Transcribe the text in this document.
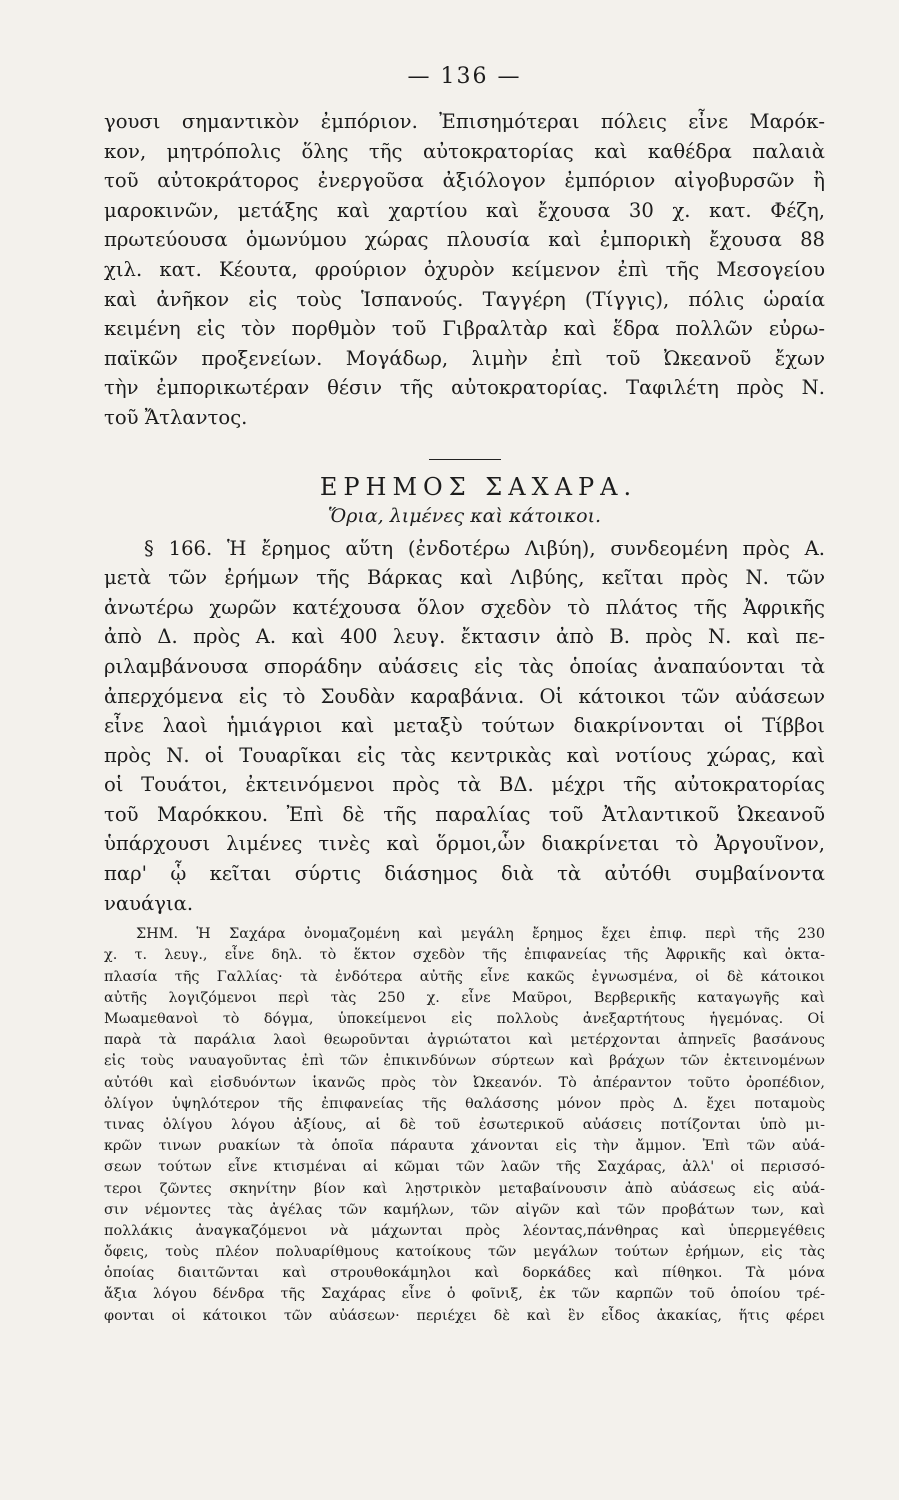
— 136 —
γουσι σημαντικὸν ἐμπόριον. Ἐπισημότεραι πόλεις εἶνε Μαρόκ-
κον, μητρόπολις ὅλης τῆς αὐτοκρατορίας καὶ καθέδρα παλαιὰ
τοῦ αὐτοκράτορος ἐνεργοῦσα ἀξιόλογον ἐμπόριον αἰγοβυρσῶν ἢ
μαροκινῶν, μετάξης καὶ χαρτίου καὶ ἔχουσα 30 χ. κατ. Φέζη,
πρωτεύουσα ὁμωνύμου χώρας πλουσία καὶ ἐμπορικὴ ἔχουσα 88
χιλ. κατ. Κέουτα, φρούριον ὀχυρὸν κείμενον ἐπὶ τῆς Μεσογείου
καὶ ἀνῆκον εἰς τοὺς Ἱσπανούς. Ταγγέρη (Τίγγις), πόλις ὡραία
κειμένη εἰς τὸν πορθμὸν τοῦ Γιβραλτὰρ καὶ ἕδρα πολλῶν εὐρω-
παϊκῶν προξενείων. Μογάδωρ, λιμὴν ἐπὶ τοῦ Ὠκεανοῦ ἔχων
τὴν ἐμπορικωτέραν θέσιν τῆς αὐτοκρατορίας. Ταφιλέτη πρὸς Ν.
τοῦ Ἄτλαντος.
ΕΡΗΜΟΣ ΣΑΧΑΡΑ.
Ὅρια, λιμένες καὶ κάτοικοι.
§ 166. Ἡ ἔρημος αὕτη (ἐνδοτέρω Λιβύη), συνδεομένη πρὸς Α.
μετὰ τῶν ἐρήμων τῆς Βάρκας καὶ Λιβύης, κεῖται πρὸς Ν. τῶν
ἀνωτέρω χωρῶν κατέχουσα ὅλον σχεδὸν τὸ πλάτος τῆς Ἀφρικῆς
ἀπὸ Δ. πρὸς Α. καὶ 400 λευγ. ἔκτασιν ἀπὸ Β. πρὸς Ν. καὶ πε-
ριλαμβάνουσα σποράδην αὐάσεις εἰς τὰς ὁποίας ἀναπαύονται τὰ
ἀπερχόμενα εἰς τὸ Σουδὰν καραβάνια. Οἱ κάτοικοι τῶν αὐάσεων
εἶνε λαοὶ ἡμιάγριοι καὶ μεταξὺ τούτων διακρίνονται οἱ Τίββοι
πρὸς Ν. οἱ Τουαρῖκαι εἰς τὰς κεντρικὰς καὶ νοτίους χώρας, καὶ
οἱ Τουάτοι, ἐκτεινόμενοι πρὸς τὰ ΒΔ. μέχρι τῆς αὐτοκρατορίας
τοῦ Μαρόκκου. Ἐπὶ δὲ τῆς παραλίας τοῦ Ἀτλαντικοῦ Ὠκεανοῦ
ὑπάρχουσι λιμένες τινὲς καὶ ὅρμοι,ὧν διακρίνεται τὸ Ἀργουῖνον,
παρ' ᾧ κεῖται σύρτις διάσημος διὰ τὰ αὐτόθι συμβαίνοντα
ναυάγια.
ΣΗΜ. Ἡ Σαχάρα ὀνομαζομένη καὶ μεγάλη ἔρημος ἔχει ἐπιφ. περὶ τῆς 230
χ. τ. λευγ., εἶνε δηλ. τὸ ἕκτον σχεδὸν τῆς ἐπιφανείας τῆς Ἀφρικῆς καὶ ὀκτα-
πλασία τῆς Γαλλίας· τὰ ἐνδότερα αὐτῆς εἶνε κακῶς ἐγνωσμένα, οἱ δὲ κάτοικοι
αὐτῆς λογιζόμενοι περὶ τὰς 250 χ. εἶνε Μαῦροι, Βερβερικῆς καταγωγῆς καὶ
Μωαμεθανοὶ τὸ δόγμα, ὑποκείμενοι εἰς πολλοὺς ἀνεξαρτήτους ἡγεμόνας. Οἱ
παρὰ τὰ παράλια λαοὶ θεωροῦνται ἀγριώτατοι καὶ μετέρχονται ἀπηνεῖς βασάνους
εἰς τοὺς ναυαγοῦντας ἐπὶ τῶν ἐπικινδύνων σύρτεων καὶ βράχων τῶν ἐκτεινομένων
αὐτόθι καὶ εἰσδυόντων ἱκανῶς πρὸς τὸν Ὠκεανόν. Τὸ ἀπέραντον τοῦτο ὀροπέδιον,
ὀλίγον ὑψηλότερον τῆς ἐπιφανείας τῆς θαλάσσης μόνον πρὸς Δ. ἔχει ποταμοὺς
τινας ὀλίγου λόγου ἀξίους, αἱ δὲ τοῦ ἐσωτερικοῦ αὐάσεις ποτίζονται ὑπὸ μι-
κρῶν τινων ρυακίων τὰ ὁποῖα πάραυτα χάνονται εἰς τὴν ἄμμον. Ἐπὶ τῶν αὐά-
σεων τούτων εἶνε κτισμέναι αἱ κῶμαι τῶν λαῶν τῆς Σαχάρας, ἀλλ' οἱ περισσό-
τεροι ζῶντες σκηνίτην βίον καὶ λῃστρικὸν μεταβαίνουσιν ἀπὸ αὐάσεως εἰς αὐά-
σιν νέμοντες τὰς ἀγέλας τῶν καμήλων, τῶν αἰγῶν καὶ τῶν προβάτων των, καὶ
πολλάκις ἀναγκαζόμενοι νὰ μάχωνται πρὸς λέοντας,πάνθηρας καὶ ὑπερμεγέθεις
ὄφεις, τοὺς πλέον πολυαρίθμους κατοίκους τῶν μεγάλων τούτων ἐρήμων, εἰς τὰς
ὁποίας διαιτῶνται καὶ στρουθοκάμηλοι καὶ δορκάδες καὶ πίθηκοι. Τὰ μόνα
ἄξια λόγου δένδρα τῆς Σαχάρας εἶνε ὁ φοῖνιξ, ἐκ τῶν καρπῶν τοῦ ὁποίου τρέ-
φονται οἱ κάτοικοι τῶν αὐάσεων· περιέχει δὲ καὶ ἓν εἶδος ἀκακίας, ἥτις φέρει
